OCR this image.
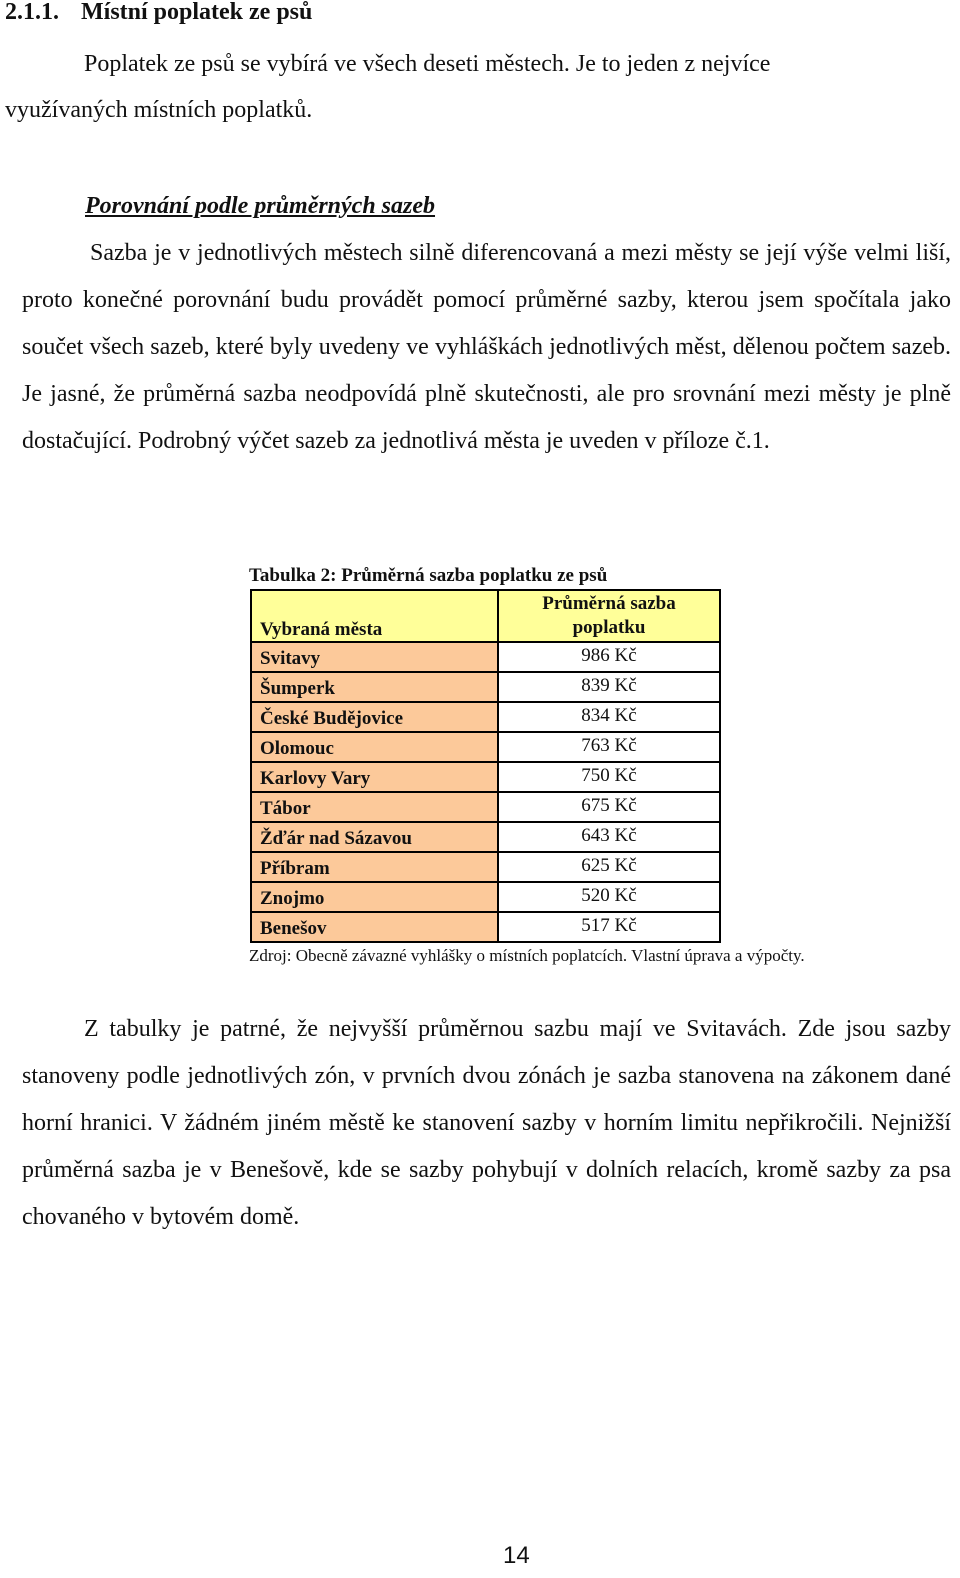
2.1.1. Místní poplatek ze psů
Poplatek ze psů se vybírá ve všech deseti městech. Je to jeden z nejvíce
využívaných místních poplatků.
Porovnání podle průměrných sazeb
Sazba je v jednotlivých městech silně diferencovaná a mezi městy se její výše velmi liší, proto konečné porovnání budu provádět pomocí průměrné sazby, kterou jsem spočítala jako součet všech sazeb, které byly uvedeny ve vyhláškách jednotlivých měst, dělenou počtem sazeb. Je jasné, že průměrná sazba neodpovídá plně skutečnosti, ale pro srovnání mezi městy je plně dostačující. Podrobný výčet sazeb za jednotlivá města je uveden v příloze č.1.
Tabulka 2: Průměrná sazba poplatku ze psů
Vybraná města	Průměrná sazba
poplatku

Svitavy	986 Kč
Šumperk	839 Kč
České Budějovice	834 Kč
Olomouc	763 Kč
Karlovy Vary	750 Kč
Tábor	675 Kč
Žďár nad Sázavou	643 Kč
Příbram	625 Kč
Znojmo	520 Kč
Benešov	517 Kč
Zdroj: Obecně závazné vyhlášky o místních poplatcích. Vlastní úprava a výpočty.
Z tabulky je patrné, že nejvyšší průměrnou sazbu mají ve Svitavách. Zde jsou sazby stanoveny podle jednotlivých zón, v prvních dvou zónách je sazba stanovena na zákonem dané horní hranici. V žádném jiném městě ke stanovení sazby v horním limitu nepřikročili. Nejnižší průměrná sazba je v Benešově, kde se sazby pohybují v dolních relacích, kromě sazby za psa chovaného v bytovém domě.
14
